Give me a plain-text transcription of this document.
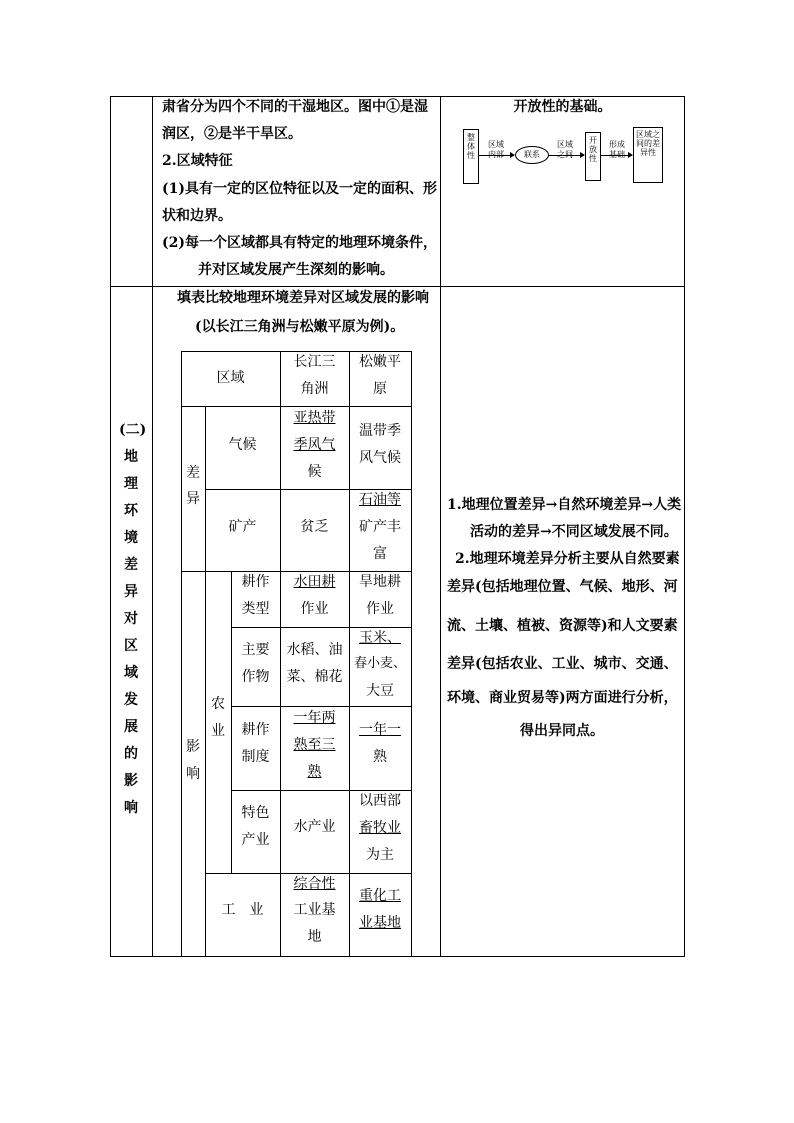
肃省分为四个不同的干湿地区。图中①是湿
润区，②是半干旱区。
2.区域特征
(1)具有一定的区位特征以及一定的面积、形
状和边界。
(2)每一个区域都具有特定的地理环境条件，
并对区域发展产生深刻的影响。
开放性的基础。
整体性
区域

联系
区域	开放性
形成

区域之间的差异性
(二)
地
理
环
境
差
异
对
区
域
发
展
的
影
响
填表比较地理环境差异对区域发展的影响
(以长江三角洲与松嫩平原为例)。
区域
长江三
角洲
松嫩平
原
差
异
气候
亚热带
季风气
候
温带季
风气候
矿产	贫乏
石油等
矿产丰
富
影
响
农
业
耕作
类型
水田耕
作业
旱地耕
作业
主要
作物
水稻、油
菜、棉花
玉米、
春小麦、
大豆
耕作
制度
一年两
熟至三
熟
一年一
熟
特色
产业
水产业
以西部
畜牧业
为主
工　业
综合性
工业基
地
重化工
业基地
1.地理位置差异→自然环境差异→人类
活动的差异→不同区域发展不同。
2.地理环境差异分析主要从自然要素
差异(包括地理位置、气候、地形、河
流、土壤、植被、资源等)和人文要素
差异(包括农业、工业、城市、交通、
环境、商业贸易等)两方面进行分析，
得出异同点。
